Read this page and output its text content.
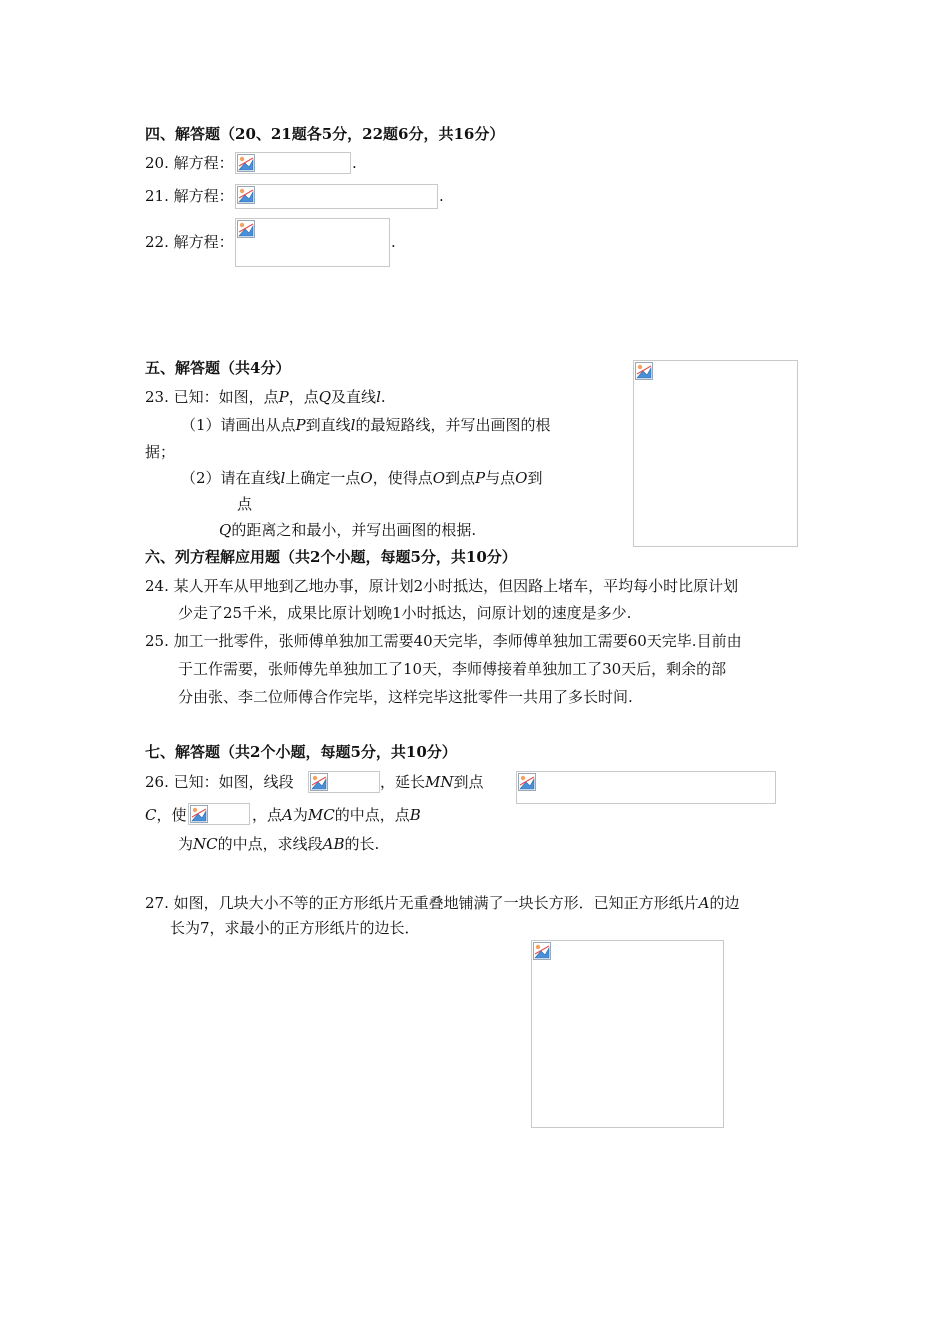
四、解答题（20、21题各5分，22题6分，共16分）
20. 解方程：	.
21. 解方程：	.
22. 解方程：	.
五、解答题（共4分）
23. 已知：如图，点P，点Q及直线l.
（1）请画出从点P到直线l的最短路线，并写出画图的根
据；
（2）请在直线l上确定一点O，使得点O到点P与点O到
点
Q的距离之和最小，并写出画图的根据.
六、列方程解应用题（共2个小题，每题5分，共10分）
24. 某人开车从甲地到乙地办事，原计划2小时抵达，但因路上堵车，平均每小时比原计划
少走了25千米，成果比原计划晚1小时抵达，问原计划的速度是多少.
25. 加工一批零件，张师傅单独加工需要40天完毕，李师傅单独加工需要60天完毕.目前由
于工作需要，张师傅先单独加工了10天，李师傅接着单独加工了30天后，剩余的部
分由张、李二位师傅合作完毕，这样完毕这批零件一共用了多长时间.
七、解答题（共2个小题，每题5分，共10分）
26. 已知：如图，线段	，延长MN到点
C，使	，点A为MC的中点，点B
为NC的中点，求线段AB的长.
27. 如图，几块大小不等的正方形纸片无重叠地铺满了一块长方形．已知正方形纸片A的边
长为7，求最小的正方形纸片的边长．
